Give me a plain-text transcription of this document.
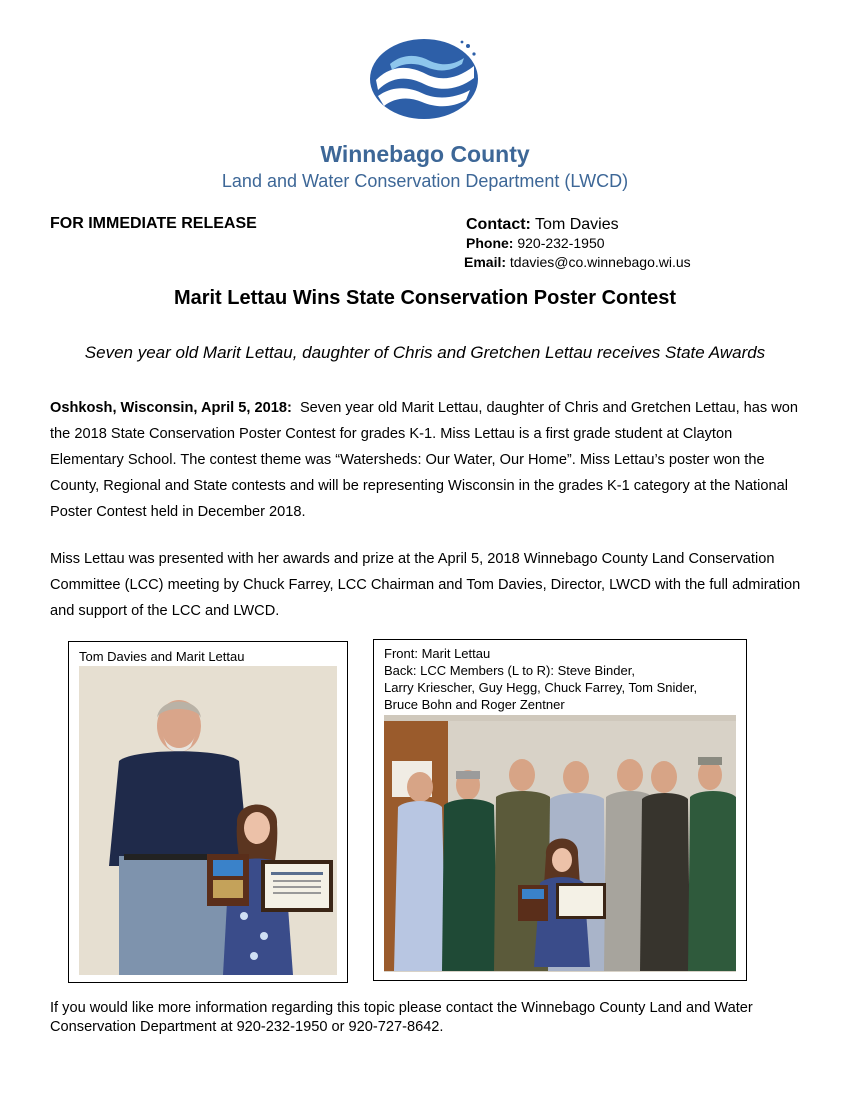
Winnebago County
Land and Water Conservation Department (LWCD)
FOR IMMEDIATE RELEASE	Contact: Tom Davies
Phone: 920-232-1950
Email: tdavies@co.winnebago.wi.us
Marit Lettau Wins State Conservation Poster Contest
Seven year old Marit Lettau, daughter of Chris and Gretchen Lettau receives State Awards
Oshkosh, Wisconsin, April 5, 2018: Seven year old Marit Lettau, daughter of Chris and Gretchen Lettau, has won the 2018 State Conservation Poster Contest for grades K-1. Miss Lettau is a first grade student at Clayton Elementary School. The contest theme was “Watersheds: Our Water, Our Home”. Miss Lettau’s poster won the County, Regional and State contests and will be representing Wisconsin in the grades K-1 category at the National Poster Contest held in December 2018.
Miss Lettau was presented with her awards and prize at the April 5, 2018 Winnebago County Land Conservation Committee (LCC) meeting by Chuck Farrey, LCC Chairman and Tom Davies, Director, LWCD with the full admiration and support of the LCC and LWCD.
Tom Davies and Marit Lettau	Front: Marit Lettau
Back: LCC Members (L to R): Steve Binder,
Larry Kriescher, Guy Hegg, Chuck Farrey, Tom Snider,
Bruce Bohn and Roger Zentner
If you would like more information regarding this topic please contact the Winnebago County Land and Water Conservation Department at 920-232-1950 or 920-727-8642.
